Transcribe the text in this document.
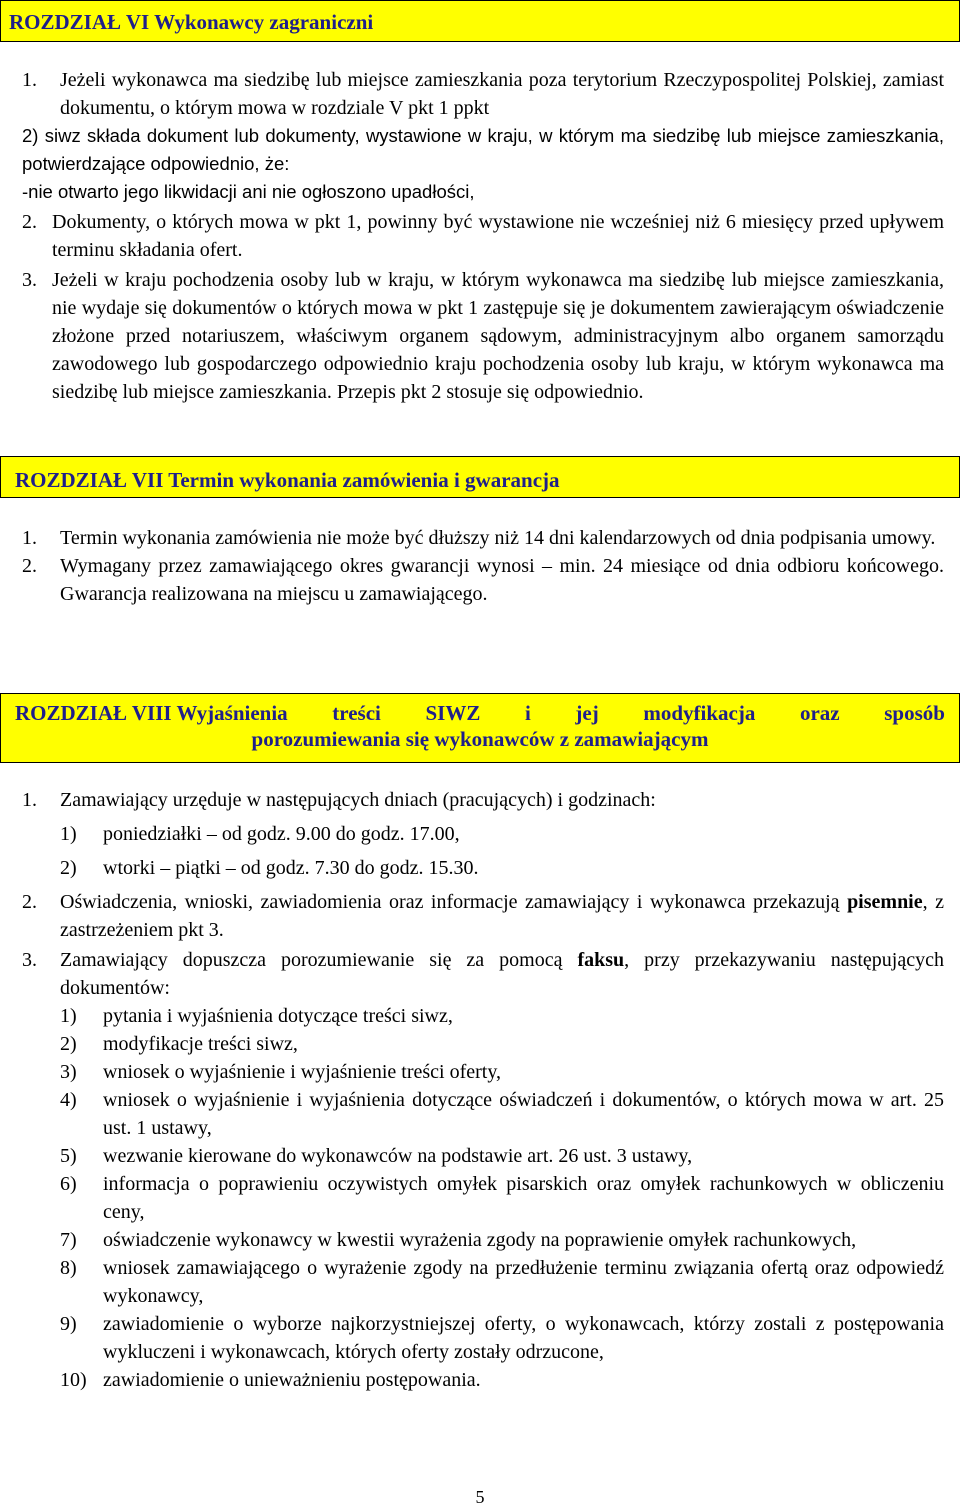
ROZDZIAŁ VI Wykonawcy zagraniczni
1. Jeżeli wykonawca ma siedzibę lub miejsce zamieszkania poza terytorium Rzeczypospolitej Polskiej, zamiast dokumentu, o którym mowa w rozdziale V pkt 1 ppkt
2) siwz składa dokument lub dokumenty, wystawione w kraju, w którym ma siedzibę lub miejsce zamieszkania, potwierdzające odpowiednio, że:
-nie otwarto jego likwidacji ani nie ogłoszono upadłości,
2. Dokumenty, o których mowa w pkt 1, powinny być wystawione nie wcześniej niż 6 miesięcy przed upływem terminu składania ofert.
3. Jeżeli w kraju pochodzenia osoby lub w kraju, w którym wykonawca ma siedzibę lub miejsce zamieszkania, nie wydaje się dokumentów o których mowa w pkt 1 zastępuje się je dokumentem zawierającym oświadczenie złożone przed notariuszem, właściwym organem sądowym, administracyjnym albo organem samorządu zawodowego lub gospodarczego odpowiednio kraju pochodzenia osoby lub kraju, w którym wykonawca ma siedzibę lub miejsce zamieszkania. Przepis pkt 2 stosuje się odpowiednio.
ROZDZIAŁ VII Termin wykonania zamówienia i gwarancja
1. Termin wykonania zamówienia nie może być dłuższy niż 14 dni kalendarzowych od dnia podpisania umowy.
2. Wymagany przez zamawiającego okres gwarancji wynosi – min. 24 miesiące od dnia odbioru końcowego. Gwarancja realizowana na miejscu u zamawiającego.
ROZDZIAŁ VIII Wyjaśnienia treści SIWZ i jej modyfikacja oraz sposób
porozumiewania się wykonawców z zamawiającym
1. Zamawiający urzęduje w następujących dniach (pracujących) i godzinach:
1) poniedziałki – od godz. 9.00 do godz. 17.00,
2) wtorki – piątki – od godz. 7.30 do godz. 15.30.
2. Oświadczenia, wnioski, zawiadomienia oraz informacje zamawiający i wykonawca przekazują pisemnie, z zastrzeżeniem pkt 3.
3. Zamawiający dopuszcza porozumiewanie się za pomocą faksu, przy przekazywaniu następujących dokumentów:
1) pytania i wyjaśnienia dotyczące treści siwz,
2) modyfikacje treści siwz,
3) wniosek o wyjaśnienie i wyjaśnienie treści oferty,
4) wniosek o wyjaśnienie i wyjaśnienia dotyczące oświadczeń i dokumentów, o których mowa w art. 25 ust. 1 ustawy,
5) wezwanie kierowane do wykonawców na podstawie art. 26 ust. 3 ustawy,
6) informacja o poprawieniu oczywistych omyłek pisarskich oraz omyłek rachunkowych w obliczeniu ceny,
7) oświadczenie wykonawcy w kwestii wyrażenia zgody na poprawienie omyłek rachunkowych,
8) wniosek zamawiającego o wyrażenie zgody na przedłużenie terminu związania ofertą oraz odpowiedź wykonawcy,
9) zawiadomienie o wyborze najkorzystniejszej oferty, o wykonawcach, którzy zostali z postępowania wykluczeni i wykonawcach, których oferty zostały odrzucone,
10) zawiadomienie o unieważnieniu postępowania.
5
